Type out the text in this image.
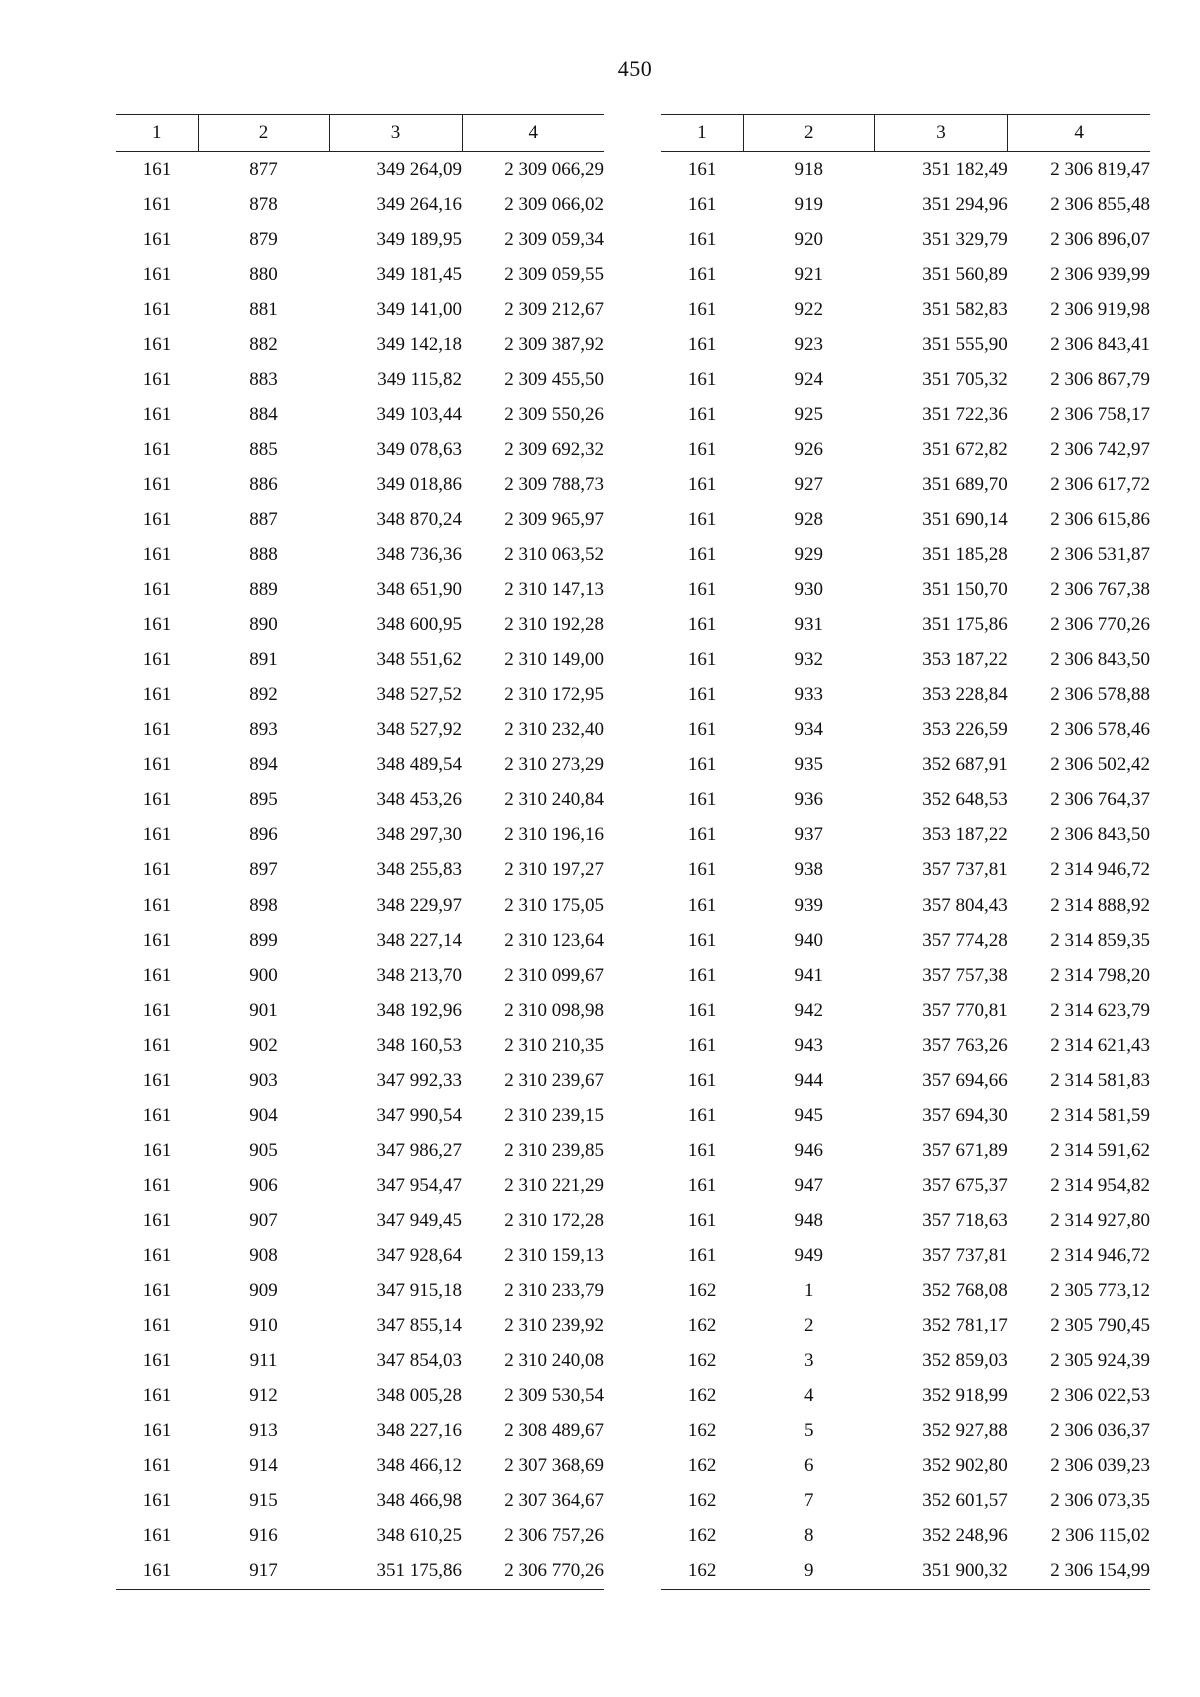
450
1	2	3	4
161	877	349 264,09	2 309 066,29
161	878	349 264,16	2 309 066,02
161	879	349 189,95	2 309 059,34
161	880	349 181,45	2 309 059,55
161	881	349 141,00	2 309 212,67
161	882	349 142,18	2 309 387,92
161	883	349 115,82	2 309 455,50
161	884	349 103,44	2 309 550,26
161	885	349 078,63	2 309 692,32
161	886	349 018,86	2 309 788,73
161	887	348 870,24	2 309 965,97
161	888	348 736,36	2 310 063,52
161	889	348 651,90	2 310 147,13
161	890	348 600,95	2 310 192,28
161	891	348 551,62	2 310 149,00
161	892	348 527,52	2 310 172,95
161	893	348 527,92	2 310 232,40
161	894	348 489,54	2 310 273,29
161	895	348 453,26	2 310 240,84
161	896	348 297,30	2 310 196,16
161	897	348 255,83	2 310 197,27
161	898	348 229,97	2 310 175,05
161	899	348 227,14	2 310 123,64
161	900	348 213,70	2 310 099,67
161	901	348 192,96	2 310 098,98
161	902	348 160,53	2 310 210,35
161	903	347 992,33	2 310 239,67
161	904	347 990,54	2 310 239,15
161	905	347 986,27	2 310 239,85
161	906	347 954,47	2 310 221,29
161	907	347 949,45	2 310 172,28
161	908	347 928,64	2 310 159,13
161	909	347 915,18	2 310 233,79
161	910	347 855,14	2 310 239,92
161	911	347 854,03	2 310 240,08
161	912	348 005,28	2 309 530,54
161	913	348 227,16	2 308 489,67
161	914	348 466,12	2 307 368,69
161	915	348 466,98	2 307 364,67
161	916	348 610,25	2 306 757,26
161	917	351 175,86	2 306 770,26
1	2	3	4
161	918	351 182,49	2 306 819,47
161	919	351 294,96	2 306 855,48
161	920	351 329,79	2 306 896,07
161	921	351 560,89	2 306 939,99
161	922	351 582,83	2 306 919,98
161	923	351 555,90	2 306 843,41
161	924	351 705,32	2 306 867,79
161	925	351 722,36	2 306 758,17
161	926	351 672,82	2 306 742,97
161	927	351 689,70	2 306 617,72
161	928	351 690,14	2 306 615,86
161	929	351 185,28	2 306 531,87
161	930	351 150,70	2 306 767,38
161	931	351 175,86	2 306 770,26
161	932	353 187,22	2 306 843,50
161	933	353 228,84	2 306 578,88
161	934	353 226,59	2 306 578,46
161	935	352 687,91	2 306 502,42
161	936	352 648,53	2 306 764,37
161	937	353 187,22	2 306 843,50
161	938	357 737,81	2 314 946,72
161	939	357 804,43	2 314 888,92
161	940	357 774,28	2 314 859,35
161	941	357 757,38	2 314 798,20
161	942	357 770,81	2 314 623,79
161	943	357 763,26	2 314 621,43
161	944	357 694,66	2 314 581,83
161	945	357 694,30	2 314 581,59
161	946	357 671,89	2 314 591,62
161	947	357 675,37	2 314 954,82
161	948	357 718,63	2 314 927,80
161	949	357 737,81	2 314 946,72
162	1	352 768,08	2 305 773,12
162	2	352 781,17	2 305 790,45
162	3	352 859,03	2 305 924,39
162	4	352 918,99	2 306 022,53
162	5	352 927,88	2 306 036,37
162	6	352 902,80	2 306 039,23
162	7	352 601,57	2 306 073,35
162	8	352 248,96	2 306 115,02
162	9	351 900,32	2 306 154,99
